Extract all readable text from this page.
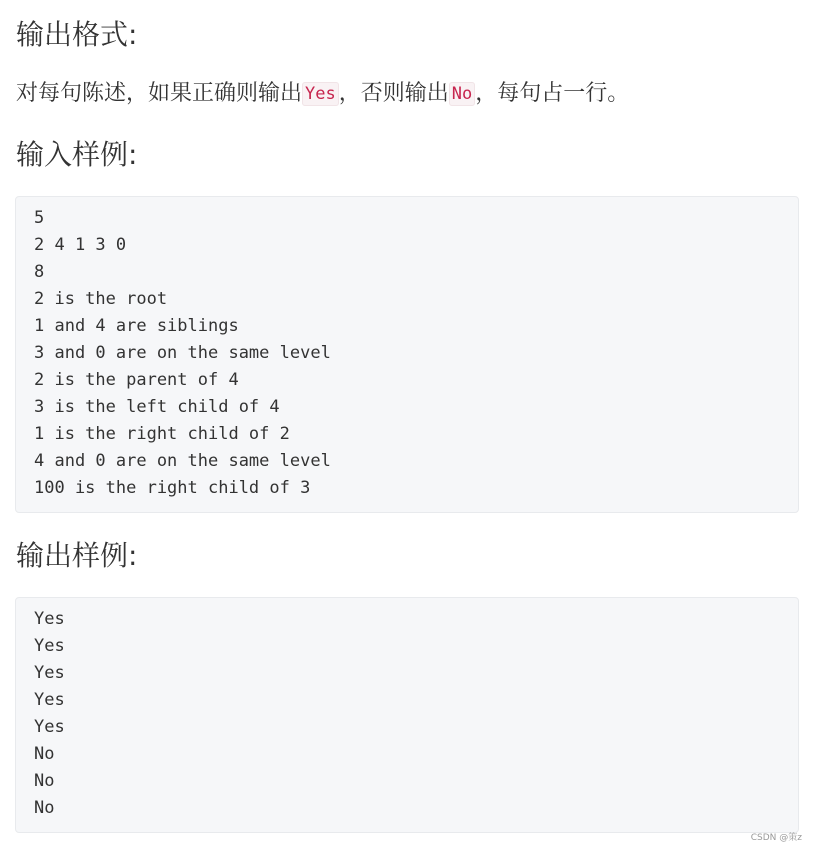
输出格式:

对每句陈述，如果正确则输出 Yes ，否则输出 No ，每句占一行。

输入样例:
5
2 4 1 3 0
8
2 is the root
1 and 4 are siblings
3 and 0 are on the same level
2 is the parent of 4
3 is the left child of 4
1 is the right child of 2
4 and 0 are on the same level
100 is the right child of 3
输出样例:
Yes
Yes
Yes
Yes
Yes
No
No
No
CSDN @策z
